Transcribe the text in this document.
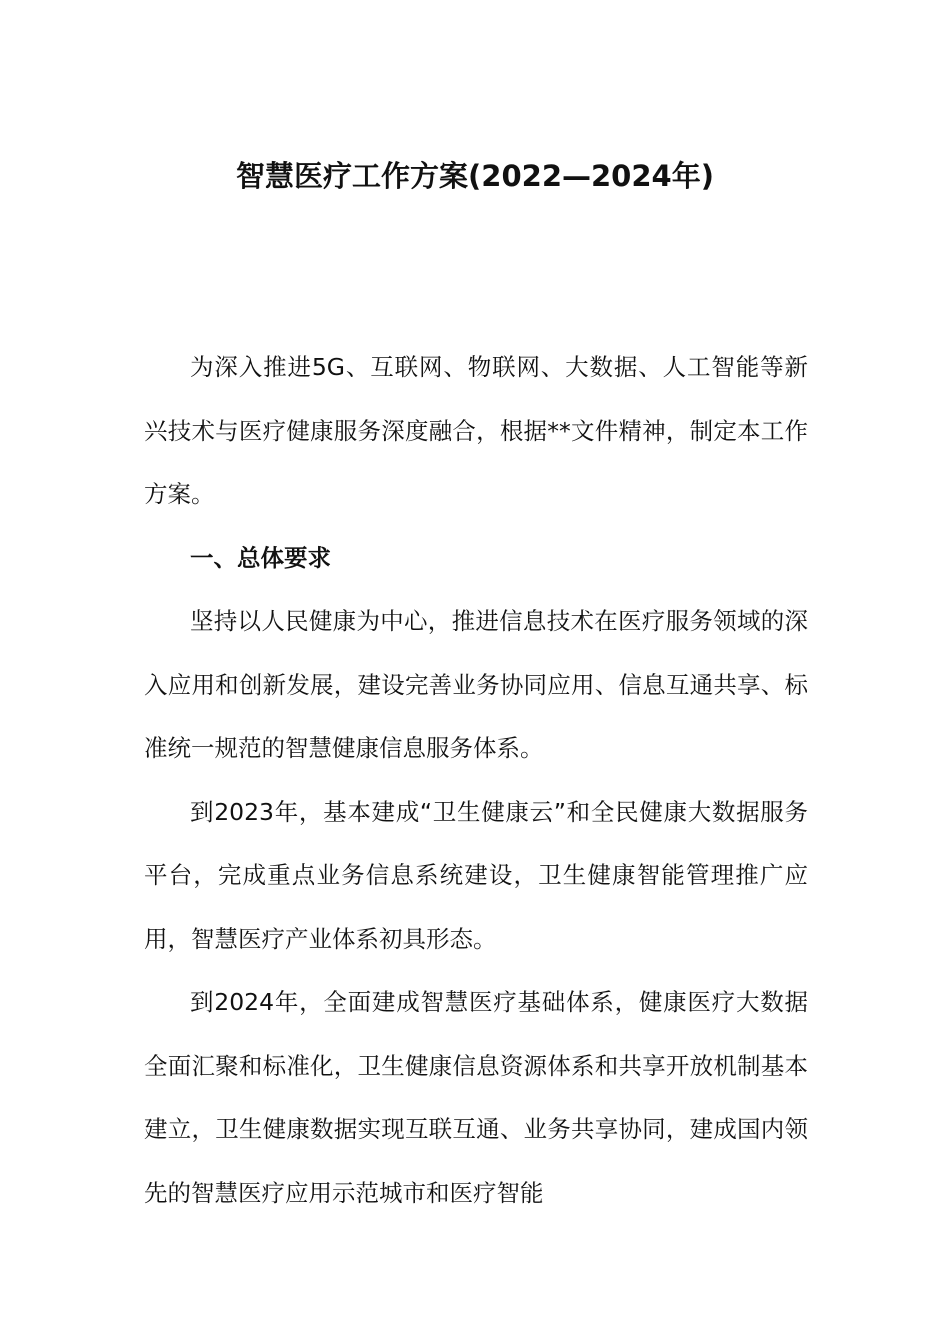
智慧医疗工作方案(2022—2024年)

为深入推进5G、互联网、物联网、大数据、人工智能等新兴技术与医疗健康服务深度融合，根据**文件精神，制定本工作方案。

一、总体要求

坚持以人民健康为中心，推进信息技术在医疗服务领域的深入应用和创新发展，建设完善业务协同应用、信息互通共享、标准统一规范的智慧健康信息服务体系。

到2023年，基本建成“卫生健康云”和全民健康大数据服务平台，完成重点业务信息系统建设，卫生健康智能管理推广应用，智慧医疗产业体系初具形态。

到2024年，全面建成智慧医疗基础体系，健康医疗大数据全面汇聚和标准化，卫生健康信息资源体系和共享开放机制基本建立，卫生健康数据实现互联互通、业务共享协同，建成国内领先的智慧医疗应用示范城市和医疗智能
